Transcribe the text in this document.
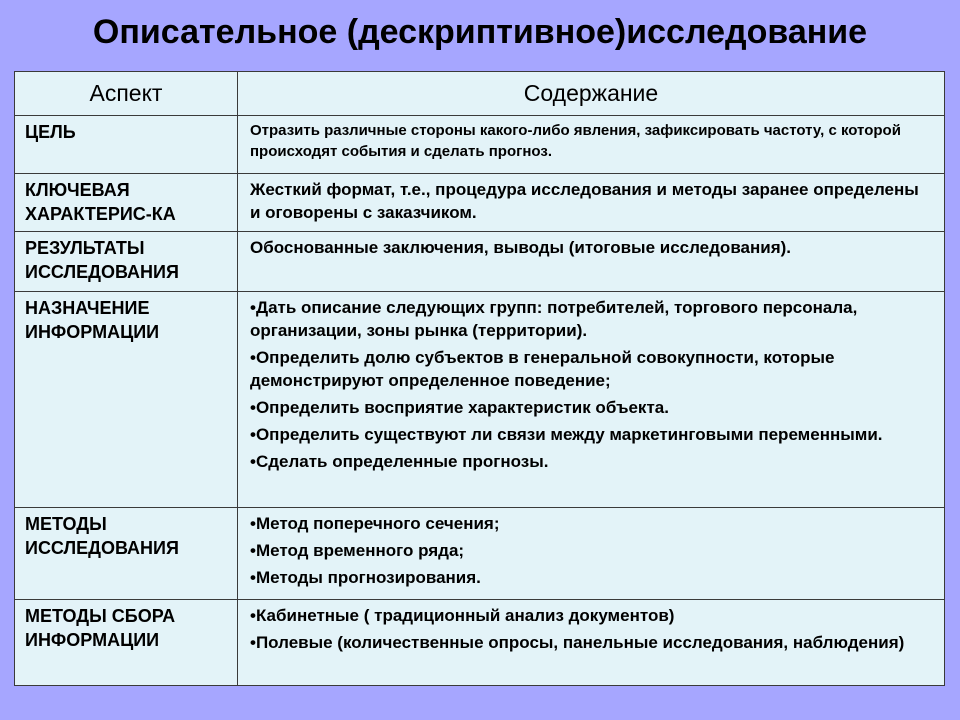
Описательное (дескриптивное)исследование
Аспект	Содержание
ЦЕЛЬ	Отразить различные стороны какого-либо явления, зафиксировать частоту, с которой происходят события и сделать прогноз.
КЛЮЧЕВАЯ ХАРАКТЕРИС-КА	Жесткий формат, т.е., процедура исследования и методы заранее определены и оговорены с заказчиком.
РЕЗУЛЬТАТЫ ИССЛЕДОВАНИЯ	Обоснованные заключения, выводы (итоговые исследования).
НАЗНАЧЕНИЕ ИНФОРМАЦИИ	•Дать описание следующих групп: потребителей, торгового персонала, организации, зоны рынка (территории).
•Определить долю субъектов в генеральной совокупности, которые демонстрируют определенное поведение;
•Определить восприятие характеристик объекта.
•Определить существуют ли связи между маркетинговыми переменными.
•Сделать определенные прогнозы.

МЕТОДЫ ИССЛЕДОВАНИЯ	•Метод поперечного сечения;
•Метод временного ряда;
•Методы прогнозирования.

МЕТОДЫ СБОРА ИНФОРМАЦИИ	•Кабинетные ( традиционный анализ документов)
•Полевые (количественные опросы, панельные исследования, наблюдения)
